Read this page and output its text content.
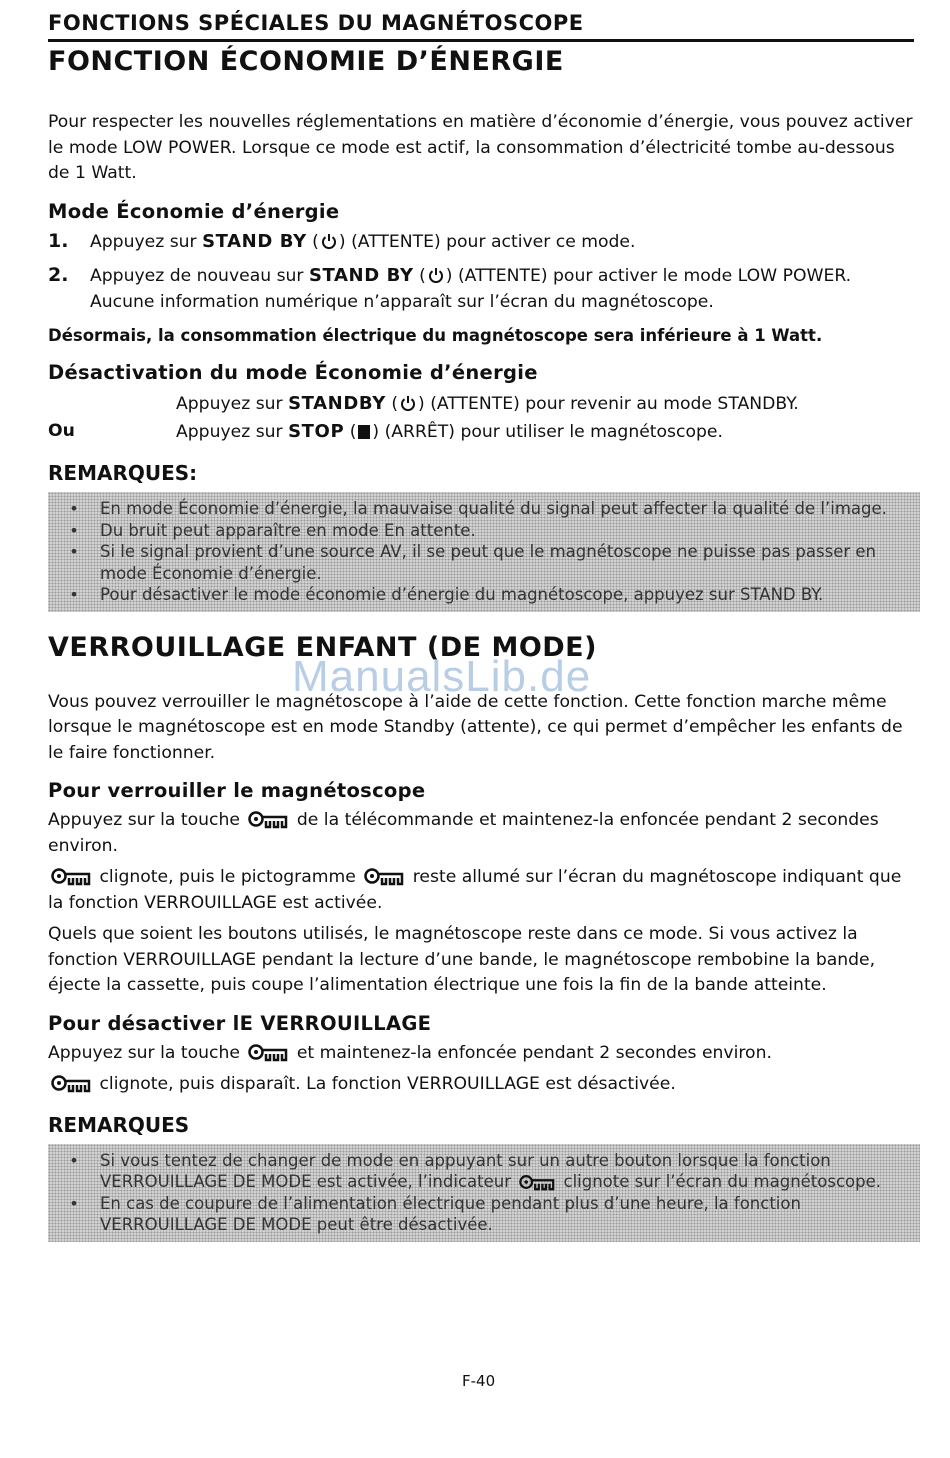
FONCTIONS SPÉCIALES DU MAGNÉTOSCOPE
FONCTION ÉCONOMIE D’ÉNERGIE

Pour respecter les nouvelles réglementations en matière d’économie d’énergie, vous pouvez activer le mode LOW POWER. Lorsque ce mode est actif, la consommation d’électricité tombe au-dessous de 1 Watt.

Mode Économie d’énergie
1.	Appuyez sur STAND BY ( ) (ATTENTE) pour activer ce mode.
2.	Appuyez de nouveau sur STAND BY ( ) (ATTENTE) pour activer le mode LOW POWER. Aucune information numérique n’apparaît sur l’écran du magnétoscope.

Désormais, la consommation électrique du magnétoscope sera inférieure à 1 Watt.

Désactivation du mode Économie d’énergie
Appuyez sur STANDBY ( ) (ATTENTE) pour revenir au mode STANDBY.
Ou	Appuyez sur STOP ( ) (ARRÊT) pour utiliser le magnétoscope.
REMARQUES:
•	En mode Économie d’énergie, la mauvaise qualité du signal peut affecter la qualité de l’image.
•	Du bruit peut apparaître en mode En attente.
•	Si le signal provient d’une source AV, il se peut que le magnétoscope ne puisse pas passer en mode Économie d’énergie.
•	Pour désactiver le mode économie d’énergie du magnétoscope, appuyez sur STAND BY.
VERROUILLAGE ENFANT (DE MODE)

Vous pouvez verrouiller le magnétoscope à l’aide de cette fonction. Cette fonction marche même lorsque le magnétoscope est en mode Standby (attente), ce qui permet d’empêcher les enfants de le faire fonctionner.

Pour verrouiller le magnétoscope

Appuyez sur la touche	de la télécommande et maintenez-la enfoncée pendant 2 secondes environ.

clignote, puis le pictogramme	reste allumé sur l’écran du magnétoscope indiquant que la fonction VERROUILLAGE est activée.

Quels que soient les boutons utilisés, le magnétoscope reste dans ce mode. Si vous activez la fonction VERROUILLAGE pendant la lecture d’une bande, le magnétoscope rembobine la bande, éjecte la cassette, puis coupe l’alimentation électrique une fois la fin de la bande atteinte.

Pour désactiver lE VERROUILLAGE

Appuyez sur la touche	et maintenez-la enfoncée pendant 2 secondes environ.

clignote, puis disparaît. La fonction VERROUILLAGE est désactivée.

REMARQUES
•	Si vous tentez de changer de mode en appuyant sur un autre bouton lorsque la fonction VERROUILLAGE DE MODE est activée, l’indicateur	clignote sur l’écran du magnétoscope.
•	En cas de coupure de l’alimentation électrique pendant plus d’une heure, la fonction VERROUILLAGE DE MODE peut être désactivée.
ManualsLib.de
F-40
